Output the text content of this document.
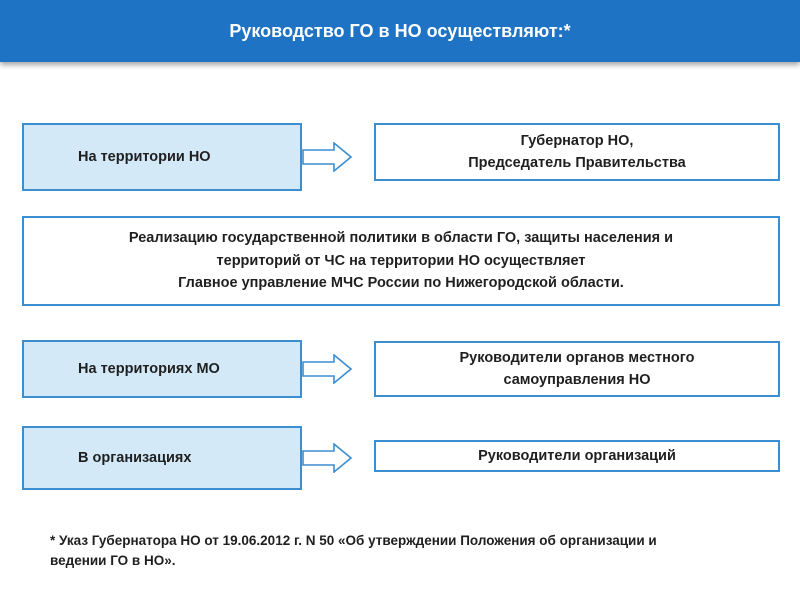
Руководство ГО в НО осуществляют:*
На территории НО
Губернатор НО,
Председатель Правительства
Реализацию государственной политики в области ГО, защиты населения и
территорий от ЧС на территории НО осуществляет
Главное управление МЧС России по Нижегородской области.
На территориях МО
Руководители органов местного
самоуправления НО
В организациях	Руководители организаций
* Указ Губернатора НО от 19.06.2012 г. N 50 «Об утверждении Положения об организации и
ведении ГО в НО».
